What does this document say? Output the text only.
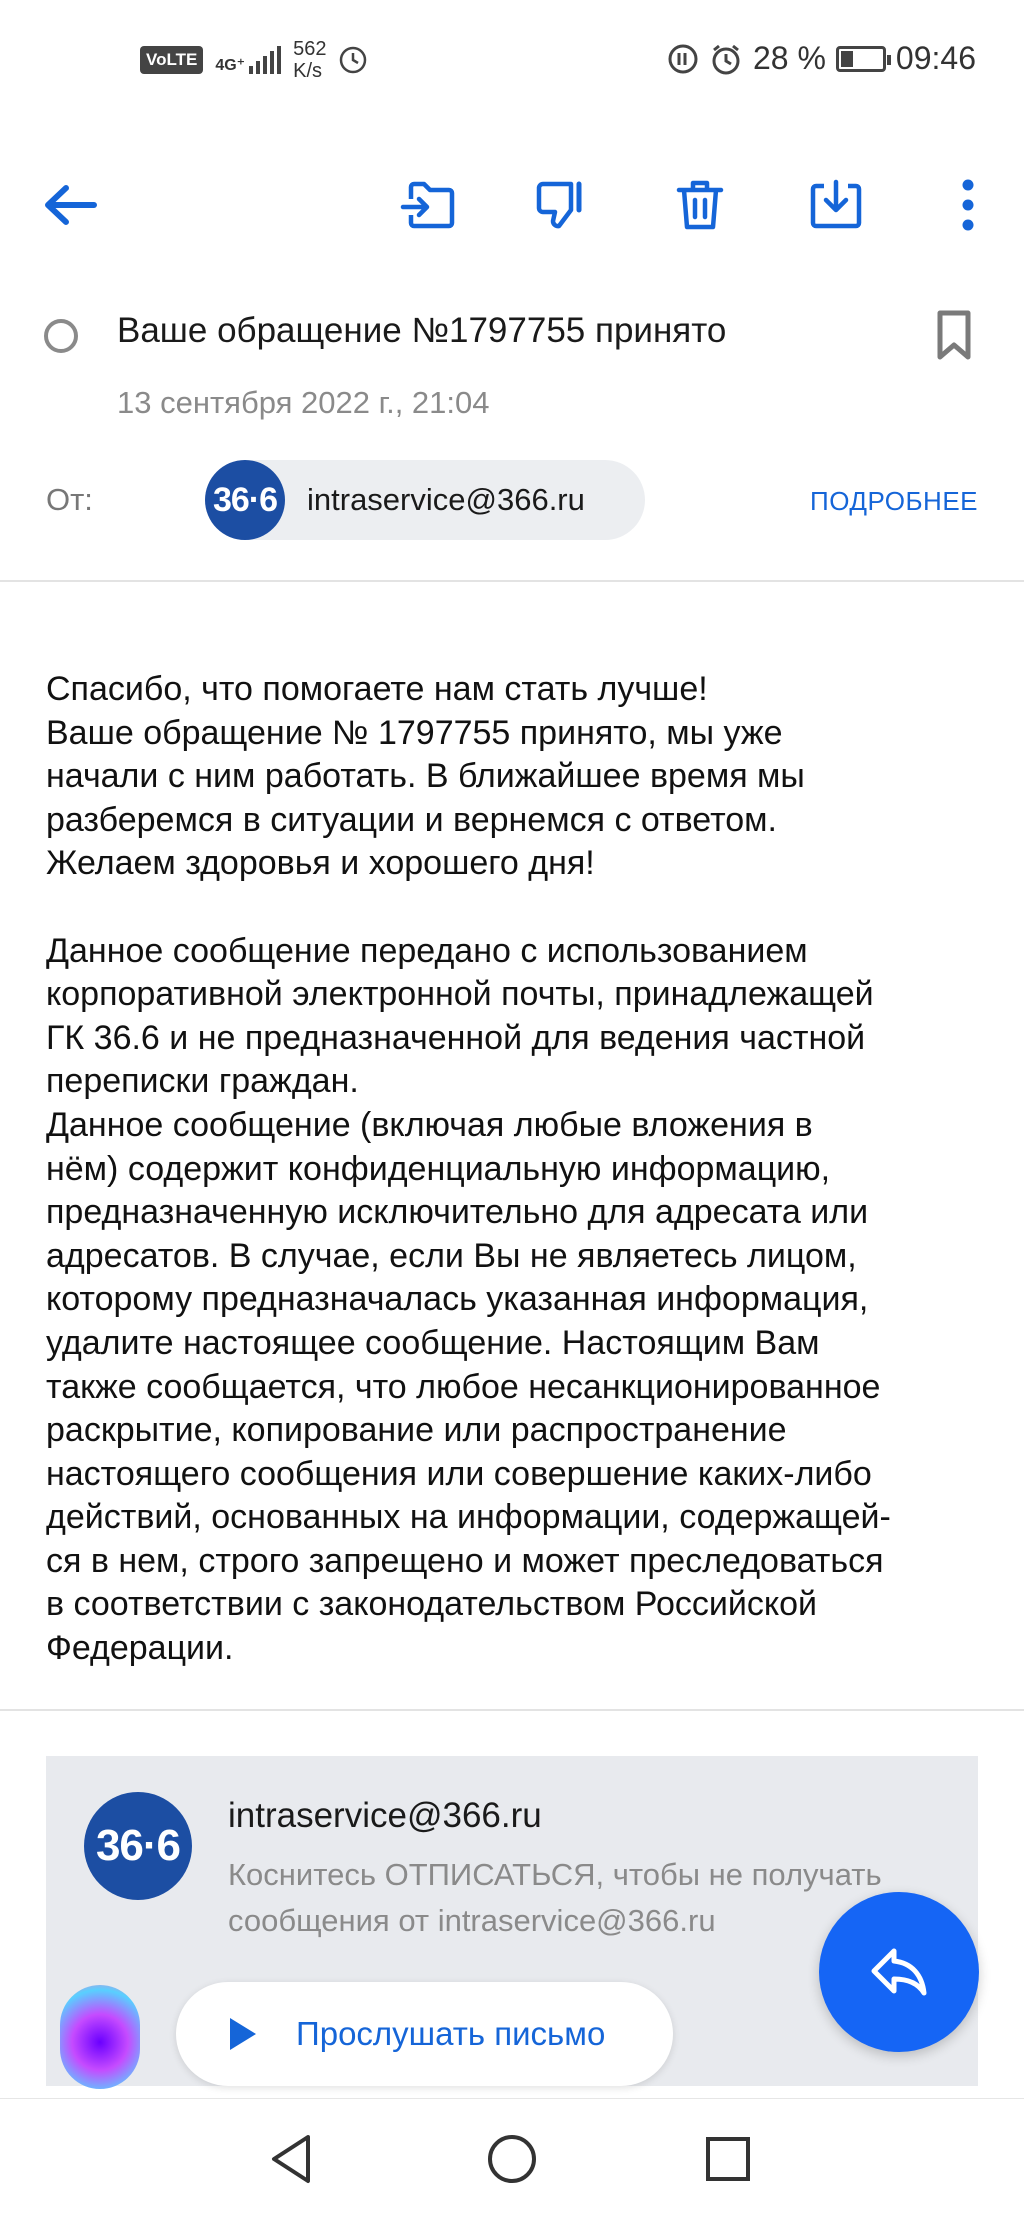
VoLTE	4G⁺
562
K/s	28 % 09:46
Ваше обращение №1797755 принято
13 сентября 2022 г., 21:04
От:	36·6 intraservice@366.ru	ПОДРОБНЕЕ

Спасибо, что помогаете нам стать лучше!
Ваше обращение № 1797755 принято, мы уже
начали с ним работать. В ближайшее время мы
разберемся в ситуации и вернемся с ответом.
Желаем здоровья и хорошего дня!

Данное сообщение передано с использованием
корпоративной электронной почты, принадлежащей
ГК 36.6 и не предназначенной для ведения частной
переписки граждан.
Данное сообщение (включая любые вложения в
нём) содержит конфиденциальную информацию,
предназначенную исключительно для адресата или
адресатов. В случае, если Вы не являетесь лицом,
которому предназначалась указанная информация,
удалите настоящее сообщение. Настоящим Вам
также сообщается, что любое несанкционированное
раскрытие, копирование или распространение
настоящего сообщения или совершение каких-либо
действий, основанных на информации, содержащей-
ся в нем, строго запрещено и может преследоваться
в соответствии с законодательством Российской
Федерации.

36·6
intraservice@366.ru
Коснитесь ОТПИСАТЬСЯ, чтобы не получать сообщения от intraservice@366.ru
Прослушать письмо
